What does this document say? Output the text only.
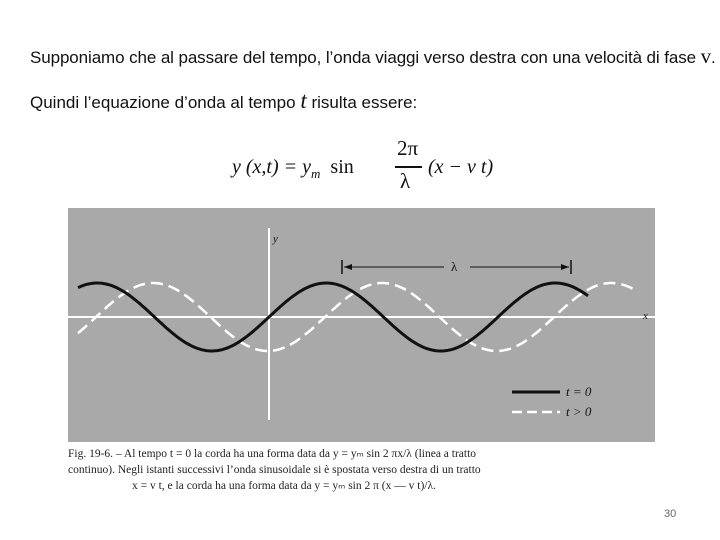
Supponiamo che al passare del tempo, l’onda viaggi verso destra con una velocità di fase v.
Quindi l’equazione d’onda al tempo t risulta essere:
y $(x,t) = y_m$ sin
2π
λ
(x − v t)
y
x
λ
t = 0
t > 0
Fig. 19-6. – Al tempo t = 0 la corda ha una forma data da y = yₘ sin 2 πx/λ (linea a tratto
continuo). Negli istanti successivi l’onda sinusoidale si è spostata verso destra di un tratto
x = v t, e la corda ha una forma data da y = yₘ sin 2 π (x — v t)/λ.
30
